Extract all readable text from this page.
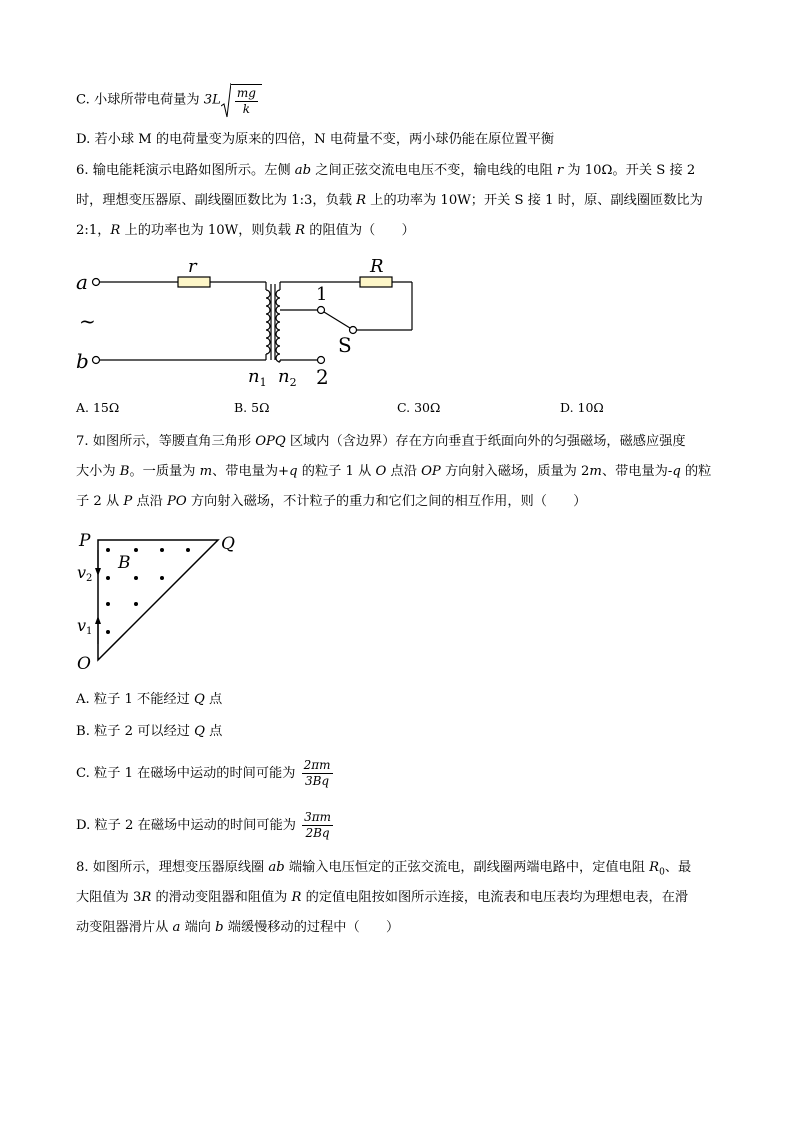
C. 小球所带电荷量为 $3L \frac{mg}{k}$
D. 若小球 M 的电荷量变为原来的四倍，N 电荷量不变，两小球仍能在原位置平衡
6. 输电能耗演示电路如图所示。左侧 ab 之间正弦交流电电压不变，输电线的电阻 r 为 10Ω。开关 S 接 2
时，理想变压器原、副线圈匝数比为 1:3，负载 R 上的功率为 10W；开关 S 接 1 时，原、副线圈匝数比为
2:1，R 上的功率也为 10W，则负载 R 的阻值为（　　）
a
b
~
r	R
1
S
2
$n_1$ $n_2$
A. 15Ω	B. 5Ω	C. 30Ω	D. 10Ω
7. 如图所示，等腰直角三角形 OPQ 区域内（含边界）存在方向垂直于纸面向外的匀强磁场，磁感应强度
大小为 B。一质量为 m、带电量为+q 的粒子 1 从 O 点沿 OP 方向射入磁场，质量为 2m、带电量为-q 的粒
子 2 从 P 点沿 PO 方向射入磁场，不计粒子的重力和它们之间的相互作用，则（　　）
P	Q
O
B
v2
v1
A. 粒子 1 不能经过 Q 点
B. 粒子 2 可以经过 Q 点
C. 粒子 1 在磁场中运动的时间可能为 $\frac{2\pi m}{3Bq}$
D. 粒子 2 在磁场中运动的时间可能为 $\frac{3\pi m}{2Bq}$
8. 如图所示，理想变压器原线圈 ab 端输入电压恒定的正弦交流电，副线圈两端电路中，定值电阻 $R_0$、最
大阻值为 3R 的滑动变阻器和阻值为 R 的定值电阻按如图所示连接，电流表和电压表均为理想电表，在滑
动变阻器滑片从 a 端向 b 端缓慢移动的过程中（　　）
